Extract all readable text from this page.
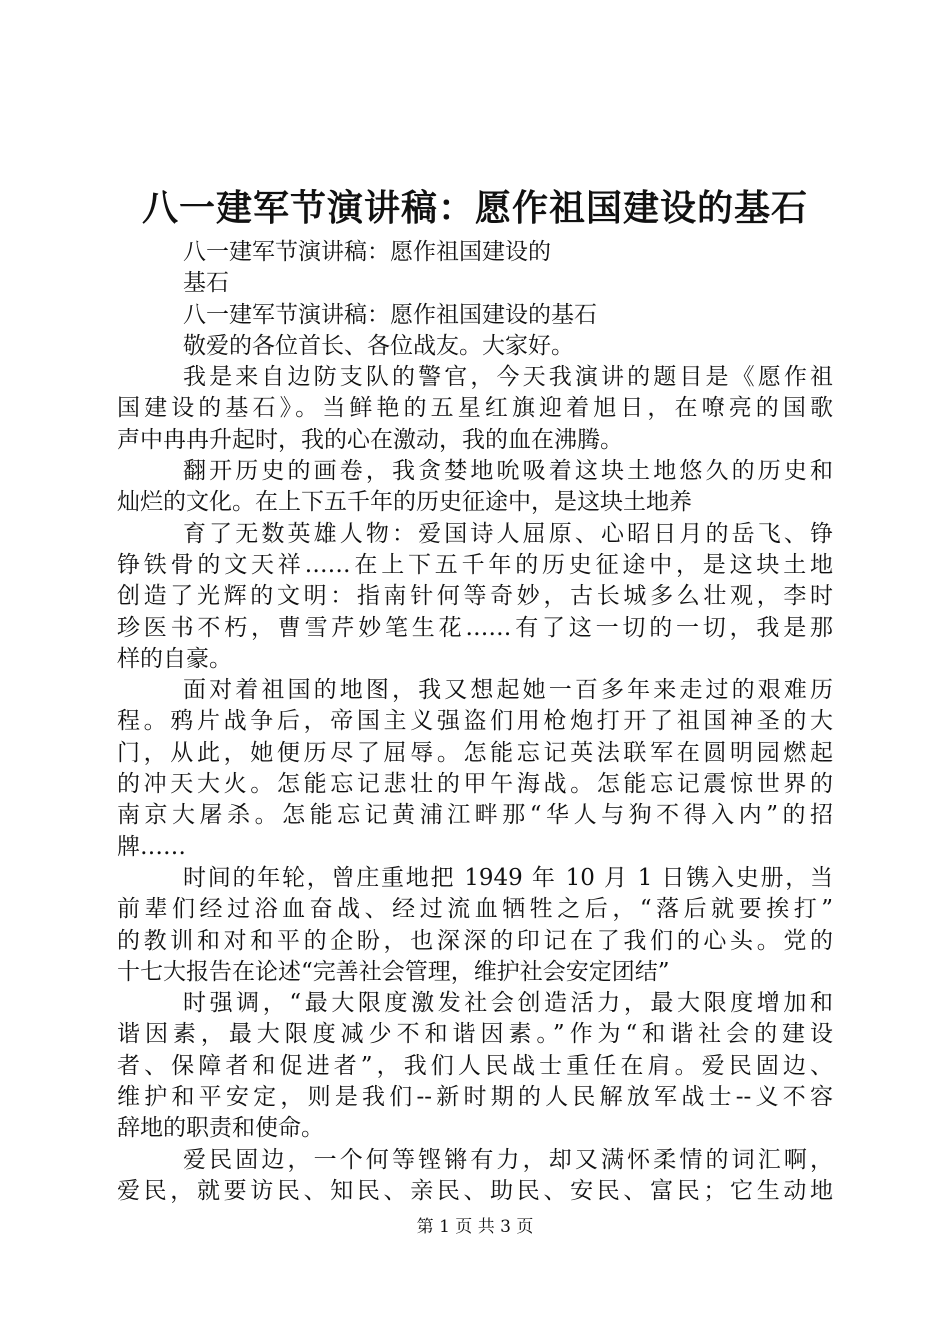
八一建军节演讲稿：愿作祖国建设的基石
八一建军节演讲稿：愿作祖国建设的
基石
八一建军节演讲稿：愿作祖国建设的基石
敬爱的各位首长、各位战友。大家好。
我是来自边防支队的警官，今天我演讲的题目是《愿作祖
国建设的基石》。当鲜艳的五星红旗迎着旭日，在嘹亮的国歌
声中冉冉升起时，我的心在激动，我的血在沸腾。
翻开历史的画卷，我贪婪地吮吸着这块土地悠久的历史和
灿烂的文化。在上下五千年的历史征途中，是这块土地养
育了无数英雄人物：爱国诗人屈原、心昭日月的岳飞、铮
铮铁骨的文天祥……在上下五千年的历史征途中，是这块土地
创造了光辉的文明：指南针何等奇妙，古长城多么壮观，李时
珍医书不朽，曹雪芹妙笔生花……有了这一切的一切，我是那
样的自豪。
面对着祖国的地图，我又想起她一百多年来走过的艰难历
程。鸦片战争后，帝国主义强盗们用枪炮打开了祖国神圣的大
门，从此，她便历尽了屈辱。怎能忘记英法联军在圆明园燃起
的冲天大火。怎能忘记悲壮的甲午海战。怎能忘记震惊世界的
南京大屠杀。怎能忘记黄浦江畔那“华人与狗不得入内”的招
牌……
时间的年轮，曾庄重地把 1949 年 10 月 1 日镌入史册，当
前辈们经过浴血奋战、经过流血牺牲之后，“落后就要挨打”
的教训和对和平的企盼，也深深的印记在了我们的心头。党的
十七大报告在论述“完善社会管理，维护社会安定团结”
时强调，“最大限度激发社会创造活力，最大限度增加和
谐因素，最大限度减少不和谐因素。”作为“和谐社会的建设
者、保障者和促进者”，我们人民战士重任在肩。爱民固边、
维护和平安定，则是我们--新时期的人民解放军战士--义不容
辞地的职责和使命。
爱民固边，一个何等铿锵有力，却又满怀柔情的词汇啊，
爱民，就要访民、知民、亲民、助民、安民、富民；它生动地
第 1 页 共 3 页
